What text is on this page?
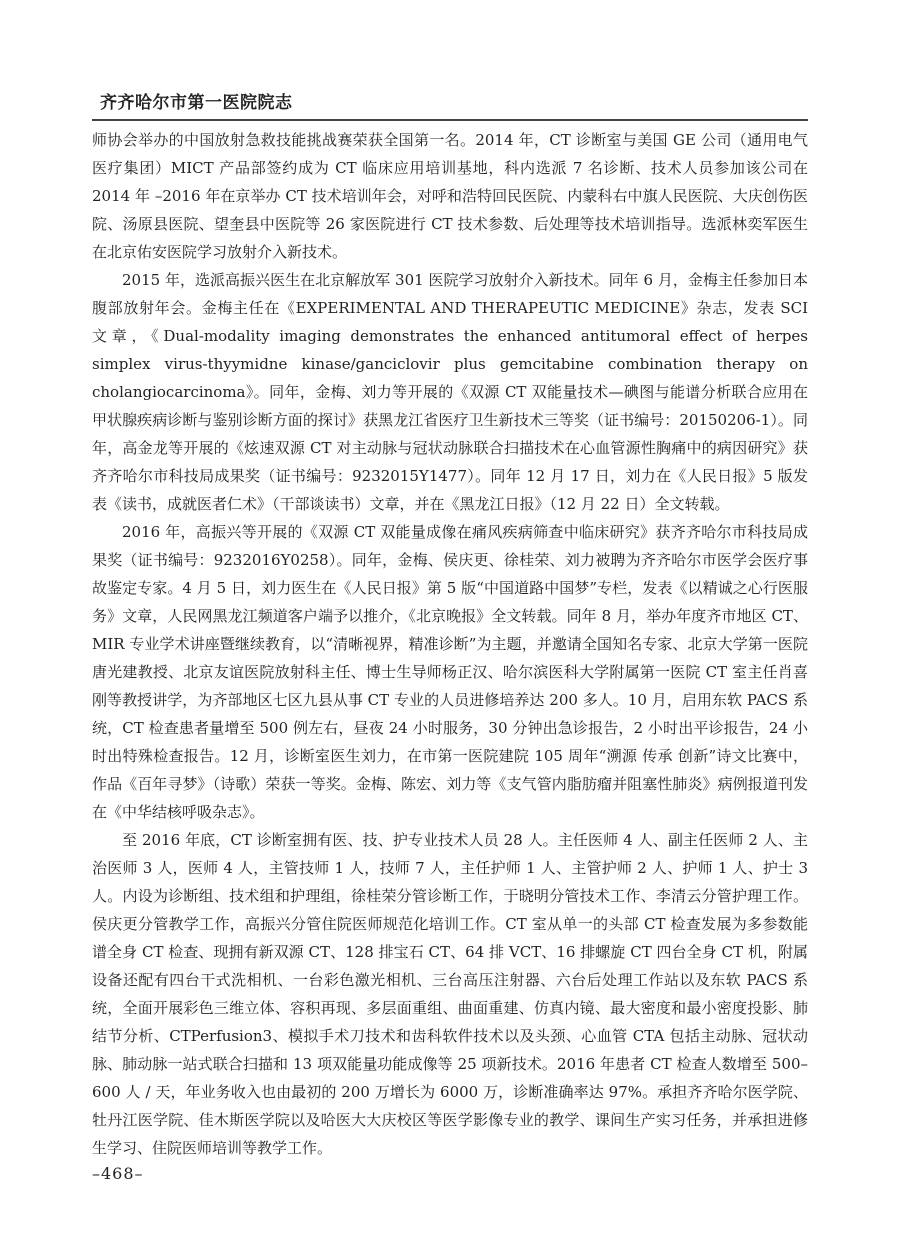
齐齐哈尔市第一医院院志

师协会举办的中国放射急救技能挑战赛荣获全国第一名。2014 年，CT 诊断室与美国 GE 公司（通用电气医疗集团）MICT 产品部签约成为 CT 临床应用培训基地，科内选派 7 名诊断、技术人员参加该公司在 2014 年 –2016 年在京举办 CT 技术培训年会，对呼和浩特回民医院、内蒙科右中旗人民医院、大庆创伤医院、汤原县医院、望奎县中医院等 26 家医院进行 CT 技术参数、后处理等技术培训指导。选派林奕军医生在北京佑安医院学习放射介入新技术。

2015 年，选派高振兴医生在北京解放军 301 医院学习放射介入新技术。同年 6 月，金梅主任参加日本腹部放射年会。金梅主任在《EXPERIMENTAL AND THERAPEUTIC MEDICINE》杂志，发表 SCI 文章，《Dual-modality imaging demonstrates the enhanced antitumoral effect of herpes simplex virus-thyymidne kinase/ganciclovir plus gemcitabine combination therapy on cholangiocarcinoma》。同年，金梅、刘力等开展的《双源 CT 双能量技术—碘图与能谱分析联合应用在甲状腺疾病诊断与鉴别诊断方面的探讨》获黑龙江省医疗卫生新技术三等奖（证书编号：20150206-1）。同年，高金龙等开展的《炫速双源 CT 对主动脉与冠状动脉联合扫描技术在心血管源性胸痛中的病因研究》获齐齐哈尔市科技局成果奖（证书编号：9232015Y1477）。同年 12 月 17 日，刘力在《人民日报》5 版发表《读书，成就医者仁术》（干部谈读书）文章，并在《黑龙江日报》（12 月 22 日）全文转载。

2016 年，高振兴等开展的《双源 CT 双能量成像在痛风疾病筛查中临床研究》获齐齐哈尔市科技局成果奖（证书编号：9232016Y0258）。同年，金梅、侯庆更、徐桂荣、刘力被聘为齐齐哈尔市医学会医疗事故鉴定专家。4 月 5 日，刘力医生在《人民日报》第 5 版“中国道路中国梦”专栏，发表《以精诚之心行医服务》文章，人民网黑龙江频道客户端予以推介，《北京晚报》全文转载。同年 8 月，举办年度齐市地区 CT、MIR 专业学术讲座暨继续教育，以“清晰视界，精准诊断”为主题，并邀请全国知名专家、北京大学第一医院唐光建教授、北京友谊医院放射科主任、博士生导师杨正汉、哈尔滨医科大学附属第一医院 CT 室主任肖喜刚等教授讲学，为齐部地区七区九县从事 CT 专业的人员进修培养达 200 多人。10 月，启用东软 PACS 系统，CT 检查患者量增至 500 例左右，昼夜 24 小时服务，30 分钟出急诊报告，2 小时出平诊报告，24 小时出特殊检查报告。12 月，诊断室医生刘力，在市第一医院建院 105 周年“溯源 传承 创新”诗文比赛中，作品《百年寻梦》（诗歌）荣获一等奖。金梅、陈宏、刘力等《支气管内脂肪瘤并阻塞性肺炎》病例报道刊发在《中华结核呼吸杂志》。

至 2016 年底，CT 诊断室拥有医、技、护专业技术人员 28 人。主任医师 4 人、副主任医师 2 人、主治医师 3 人，医师 4 人，主管技师 1 人，技师 7 人，主任护师 1 人、主管护师 2 人、护师 1 人、护士 3 人。内设为诊断组、技术组和护理组，徐桂荣分管诊断工作，于晓明分管技术工作、李清云分管护理工作。侯庆更分管教学工作，高振兴分管住院医师规范化培训工作。CT 室从单一的头部 CT 检查发展为多参数能谱全身 CT 检查、现拥有新双源 CT、128 排宝石 CT、64 排 VCT、16 排螺旋 CT 四台全身 CT 机，附属设备还配有四台干式洗相机、一台彩色激光相机、三台高压注射器、六台后处理工作站以及东软 PACS 系统，全面开展彩色三维立体、容积再现、多层面重组、曲面重建、仿真内镜、最大密度和最小密度投影、肺结节分析、CTPerfusion3、模拟手术刀技术和齿科软件技术以及头颈、心血管 CTA 包括主动脉、冠状动脉、肺动脉一站式联合扫描和 13 项双能量功能成像等 25 项新技术。2016 年患者 CT 检查人数增至 500–600 人 / 天，年业务收入也由最初的 200 万增长为 6000 万，诊断准确率达 97%。承担齐齐哈尔医学院、牡丹江医学院、佳木斯医学院以及哈医大大庆校区等医学影像专业的教学、课间生产实习任务，并承担进修生学习、住院医师培训等教学工作。

–468–
